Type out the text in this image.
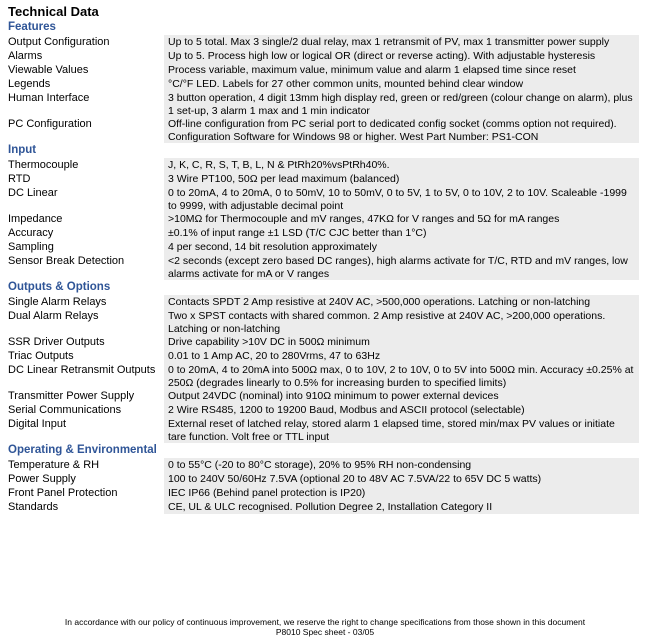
Technical Data
Features
Output Configuration	Up to 5 total. Max 3 single/2 dual relay, max 1 retransmit of PV, max 1 transmitter power supply
Alarms	Up to 5. Process high low or logical OR (direct or reverse acting). With adjustable hysteresis
Viewable Values	Process variable, maximum value, minimum value and alarm 1 elapsed time since reset
Legends	°C/°F LED. Labels for 27 other common units, mounted behind clear window
Human Interface	3 button operation, 4 digit 13mm high display red, green or red/green (colour change on alarm), plus 1 set-up, 3 alarm 1 max and 1 min indicator
PC Configuration	Off-line configuration from PC serial port to dedicated config socket (comms option not required). Configuration Software for Windows 98 or higher. West Part Number: PS1-CON
Input
Thermocouple	J, K, C, R, S, T, B, L, N & PtRh20%vsPtRh40%.
RTD	3 Wire PT100, 50Ω per lead maximum (balanced)
DC Linear	0 to 20mA, 4 to 20mA, 0 to 50mV, 10 to 50mV, 0 to 5V, 1 to 5V, 0 to 10V, 2 to 10V. Scaleable -1999 to 9999, with adjustable decimal point
Impedance	>10MΩ for Thermocouple and mV ranges, 47KΩ for V ranges and 5Ω for mA ranges
Accuracy	±0.1% of input range ±1 LSD (T/C CJC better than 1°C)
Sampling	4 per second, 14 bit resolution approximately
Sensor Break Detection	<2 seconds (except zero based DC ranges), high alarms activate for T/C, RTD and mV ranges, low alarms activate for mA or V ranges
Outputs & Options
Single Alarm Relays	Contacts SPDT 2 Amp resistive at 240V AC, >500,000 operations. Latching or non-latching
Dual Alarm Relays	Two x SPST contacts with shared common. 2 Amp resistive at 240V AC, >200,000 operations. Latching or non-latching
SSR Driver Outputs	Drive capability >10V DC in 500Ω minimum
Triac Outputs	0.01 to 1 Amp AC, 20 to 280Vrms, 47 to 63Hz
DC Linear Retransmit Outputs	0 to 20mA, 4 to 20mA into 500Ω max, 0 to 10V, 2 to 10V, 0 to 5V into 500Ω min. Accuracy ±0.25% at 250Ω (degrades linearly to 0.5% for increasing burden to specified limits)
Transmitter Power Supply	Output 24VDC (nominal) into 910Ω minimum to power external devices
Serial Communications	2 Wire RS485, 1200 to 19200 Baud, Modbus and ASCII protocol (selectable)
Digital Input	External reset of latched relay, stored alarm 1 elapsed time, stored min/max PV values or initiate tare function. Volt free or TTL input
Operating & Environmental
Temperature & RH	0 to 55°C (-20 to 80°C storage), 20% to 95% RH non-condensing
Power Supply	100 to 240V 50/60Hz 7.5VA (optional 20 to 48V AC 7.5VA/22 to 65V DC 5 watts)
Front Panel Protection	IEC IP66 (Behind panel protection is IP20)
Standards	CE, UL & ULC recognised. Pollution Degree 2, Installation Category II
In accordance with our policy of continuous improvement, we reserve the right to change specifications from those shown in this document
P8010 Spec sheet - 03/05
